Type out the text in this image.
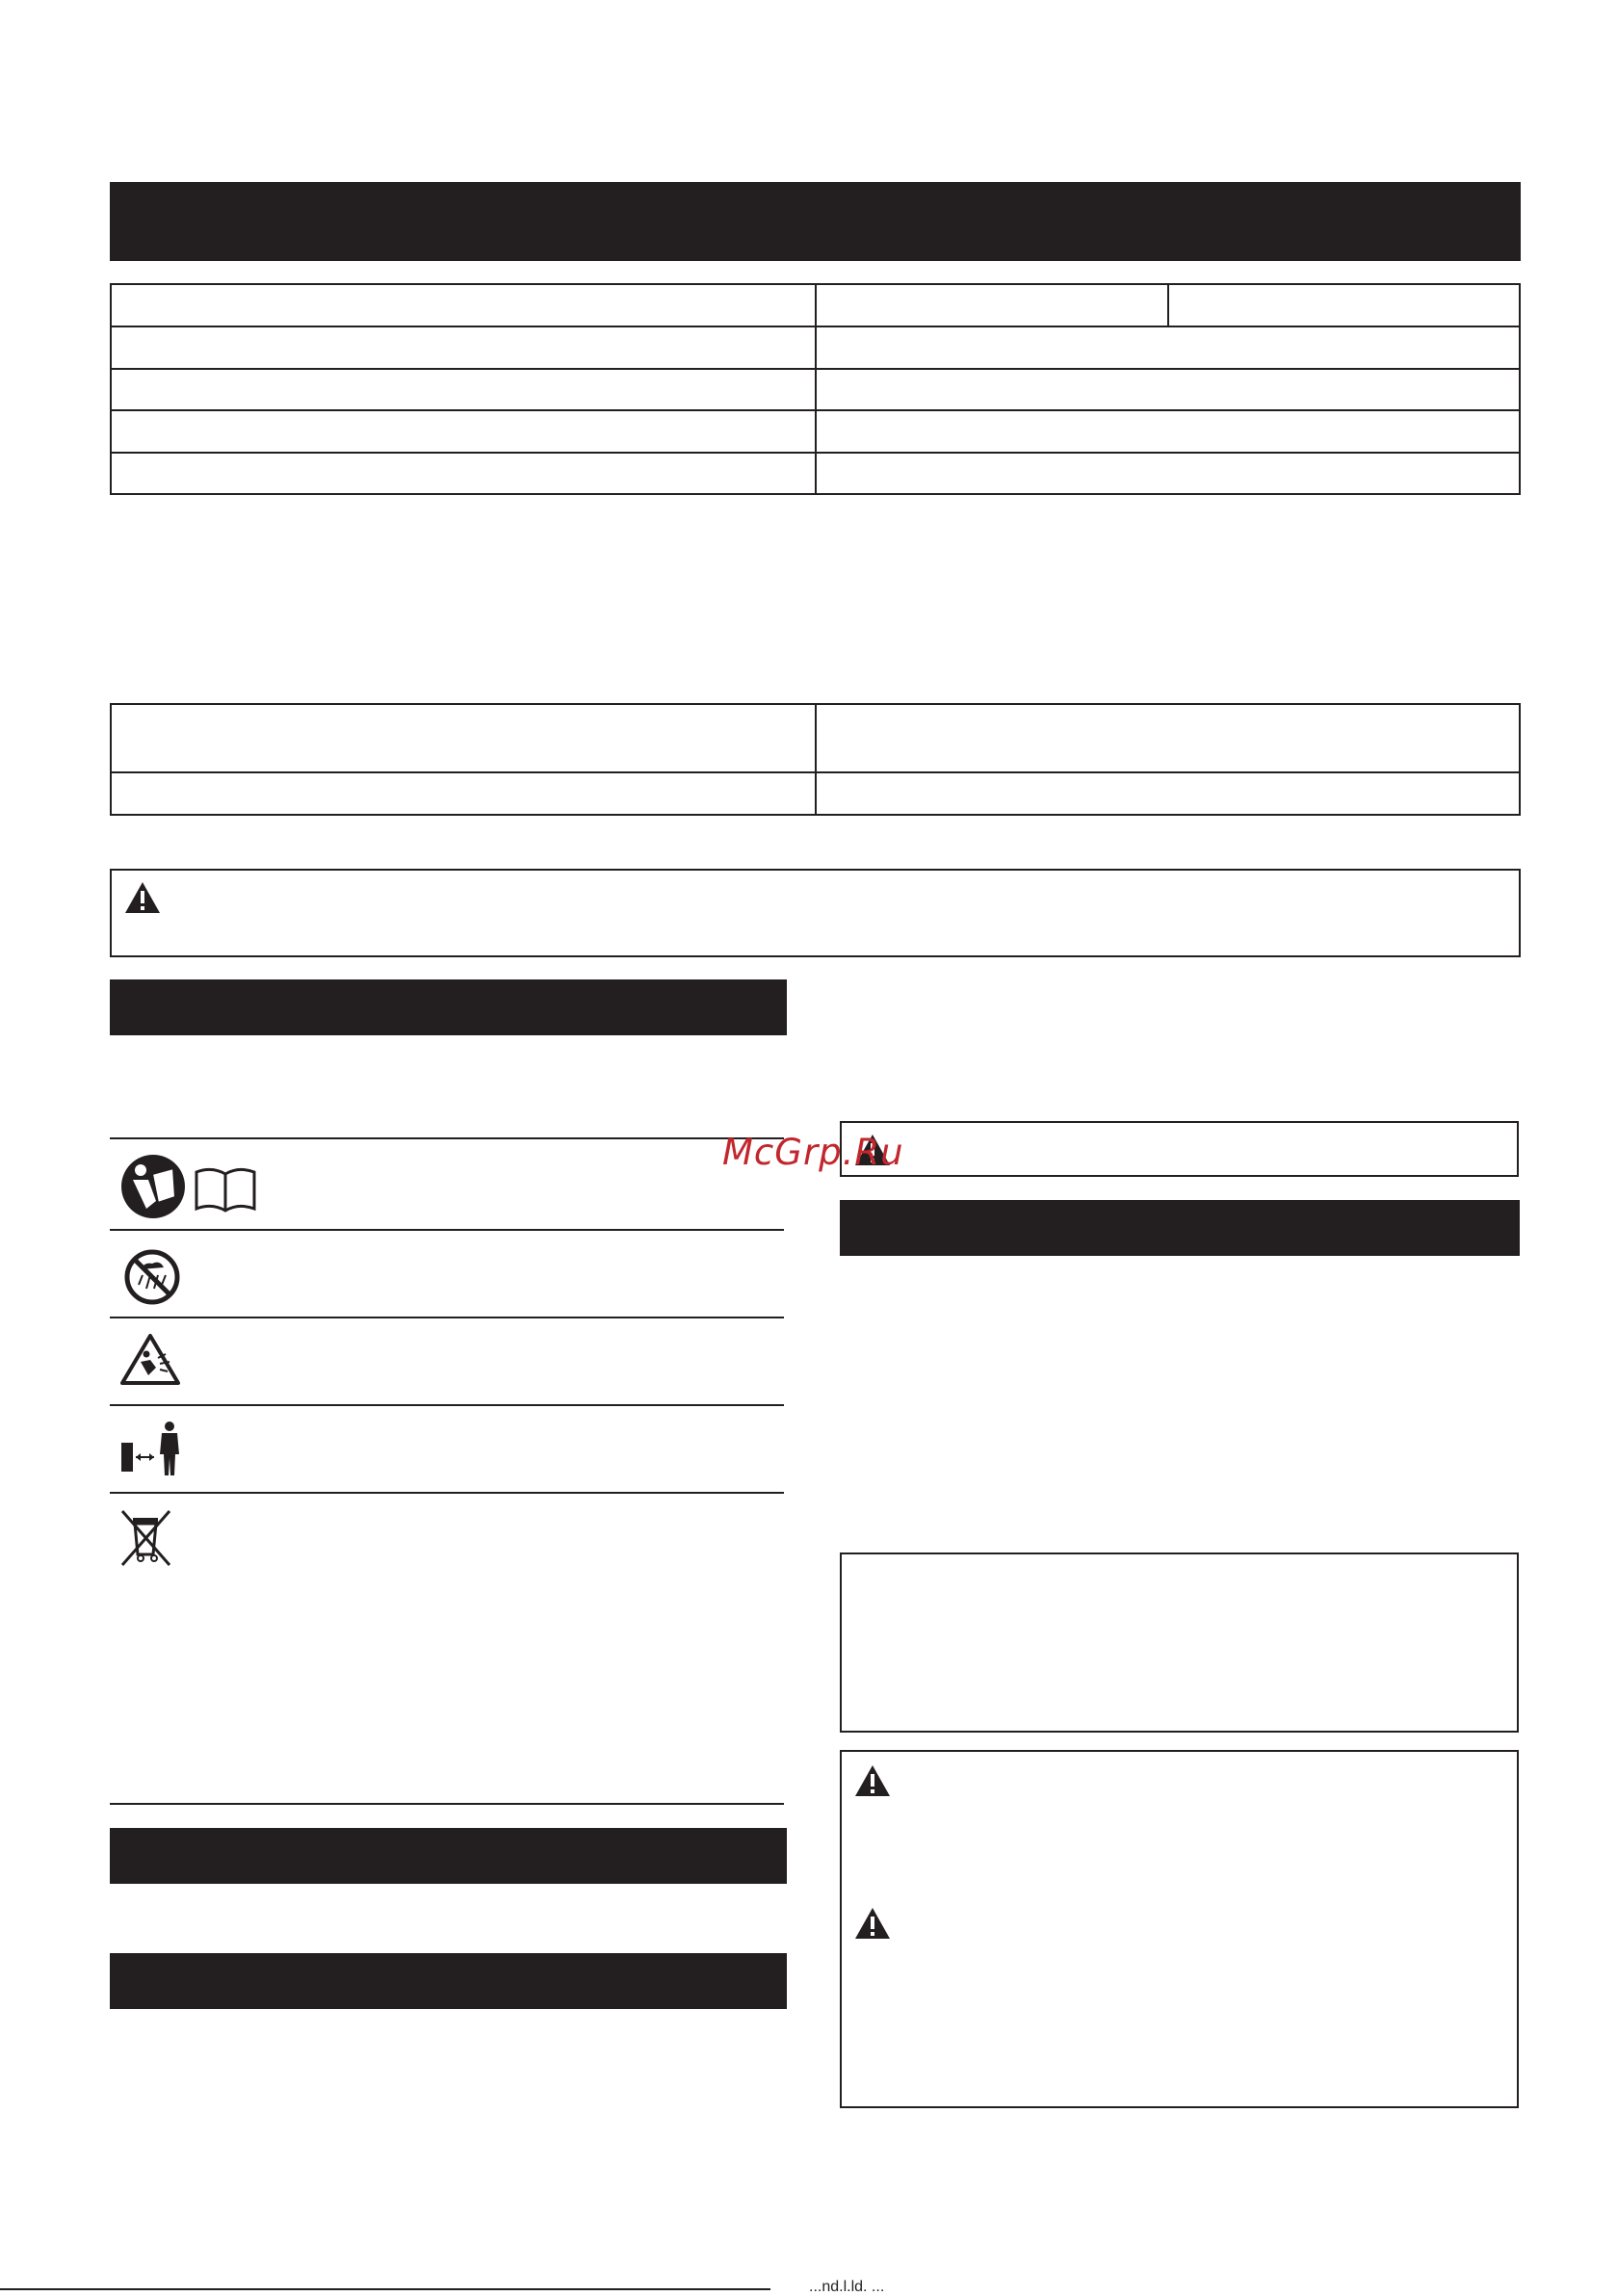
McGrp.Ru
...nd.l.ld. ...
